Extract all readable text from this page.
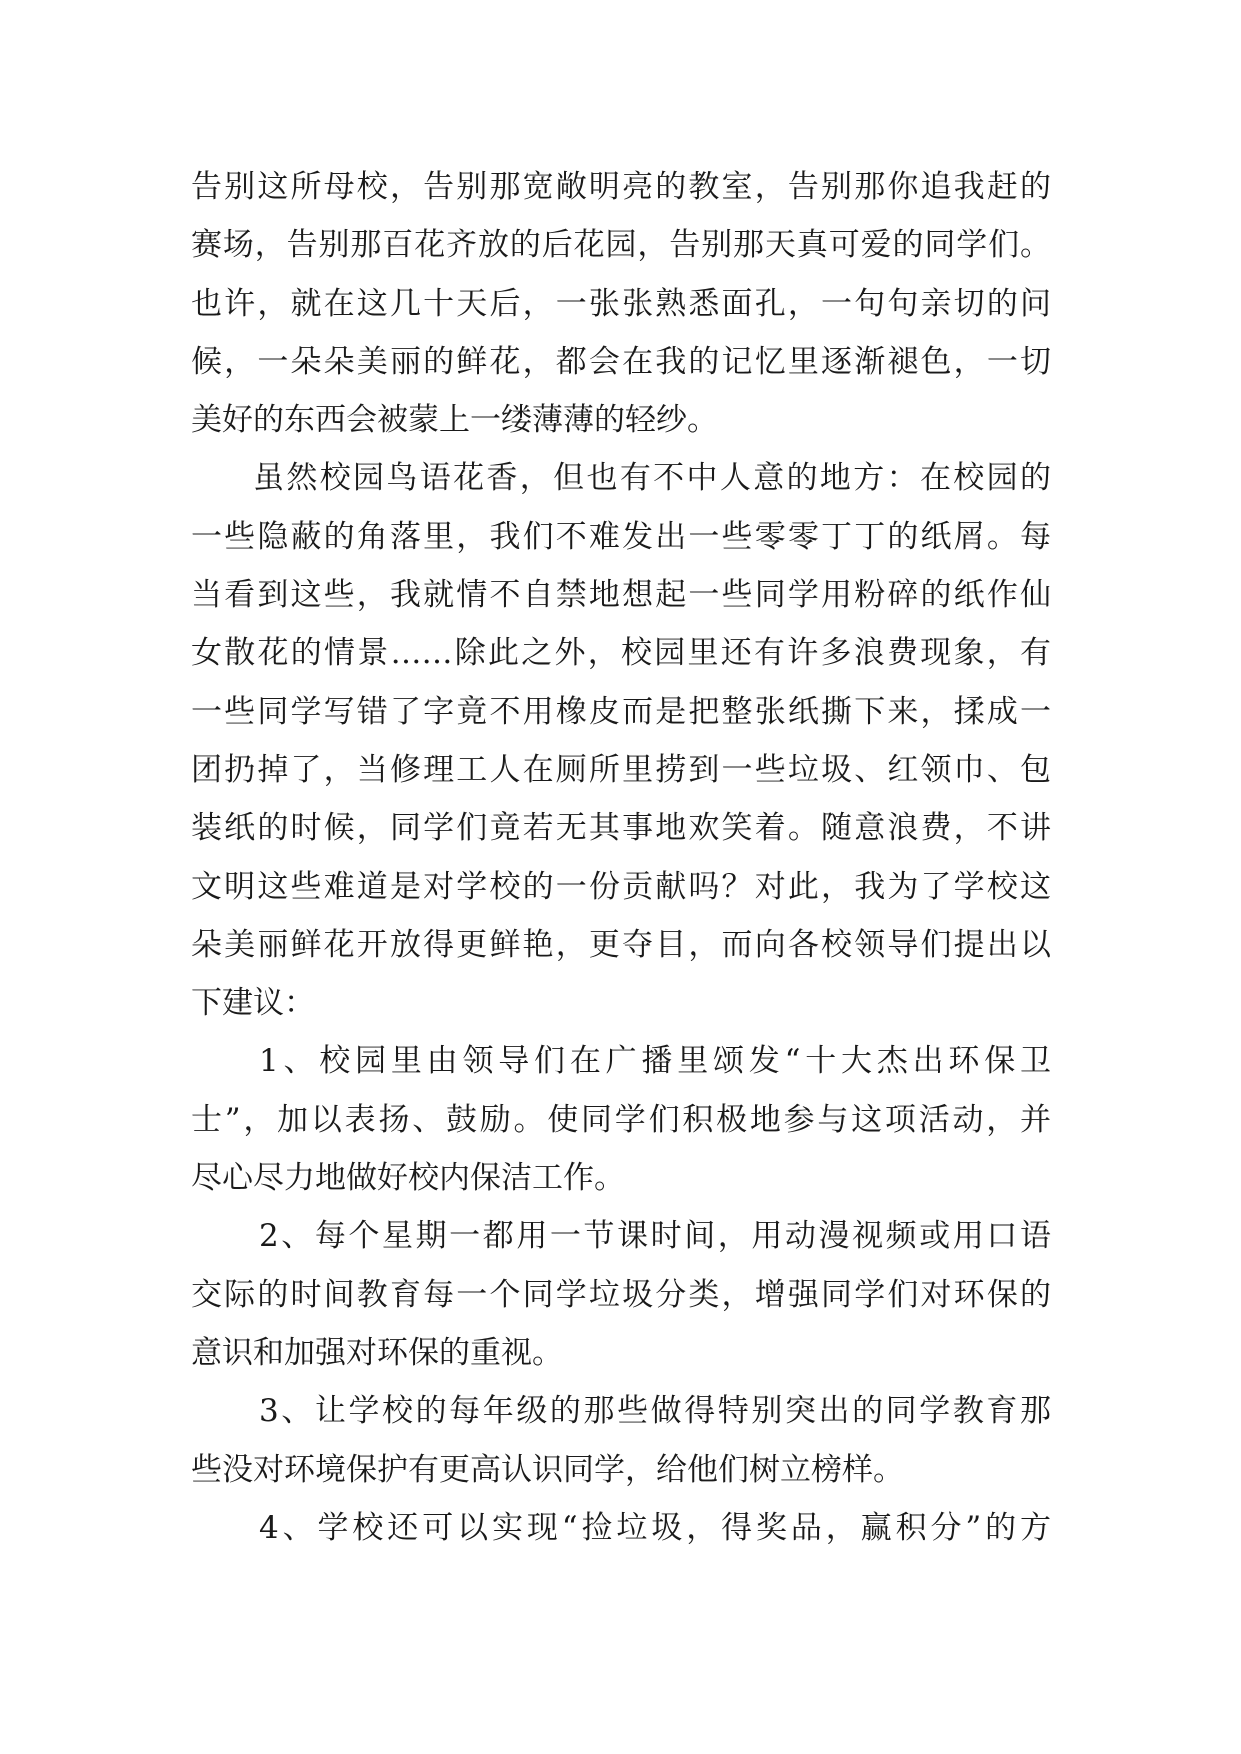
告别这所母校，告别那宽敞明亮的教室，告别那你追我赶的
赛场，告别那百花齐放的后花园，告别那天真可爱的同学们。
也许，就在这几十天后，一张张熟悉面孔，一句句亲切的问
候，一朵朵美丽的鲜花，都会在我的记忆里逐渐褪色，一切
美好的东西会被蒙上一缕薄薄的轻纱。
虽然校园鸟语花香，但也有不中人意的地方：在校园的
一些隐蔽的角落里，我们不难发出一些零零丁丁的纸屑。每
当看到这些，我就情不自禁地想起一些同学用粉碎的纸作仙
女散花的情景……除此之外，校园里还有许多浪费现象，有
一些同学写错了字竟不用橡皮而是把整张纸撕下来，揉成一
团扔掉了，当修理工人在厕所里捞到一些垃圾、红领巾、包
装纸的时候，同学们竟若无其事地欢笑着。随意浪费，不讲
文明这些难道是对学校的一份贡献吗？对此，我为了学校这
朵美丽鲜花开放得更鲜艳，更夺目，而向各校领导们提出以
下建议：
1、校园里由领导们在广播里颂发“十大杰出环保卫
士”，加以表扬、鼓励。使同学们积极地参与这项活动，并
尽心尽力地做好校内保洁工作。
2、每个星期一都用一节课时间，用动漫视频或用口语
交际的时间教育每一个同学垃圾分类，增强同学们对环保的
意识和加强对环保的重视。
3、让学校的每年级的那些做得特别突出的同学教育那
些没对环境保护有更高认识同学，给他们树立榜样。
4、学校还可以实现“捡垃圾，得奖品，赢积分”的方
